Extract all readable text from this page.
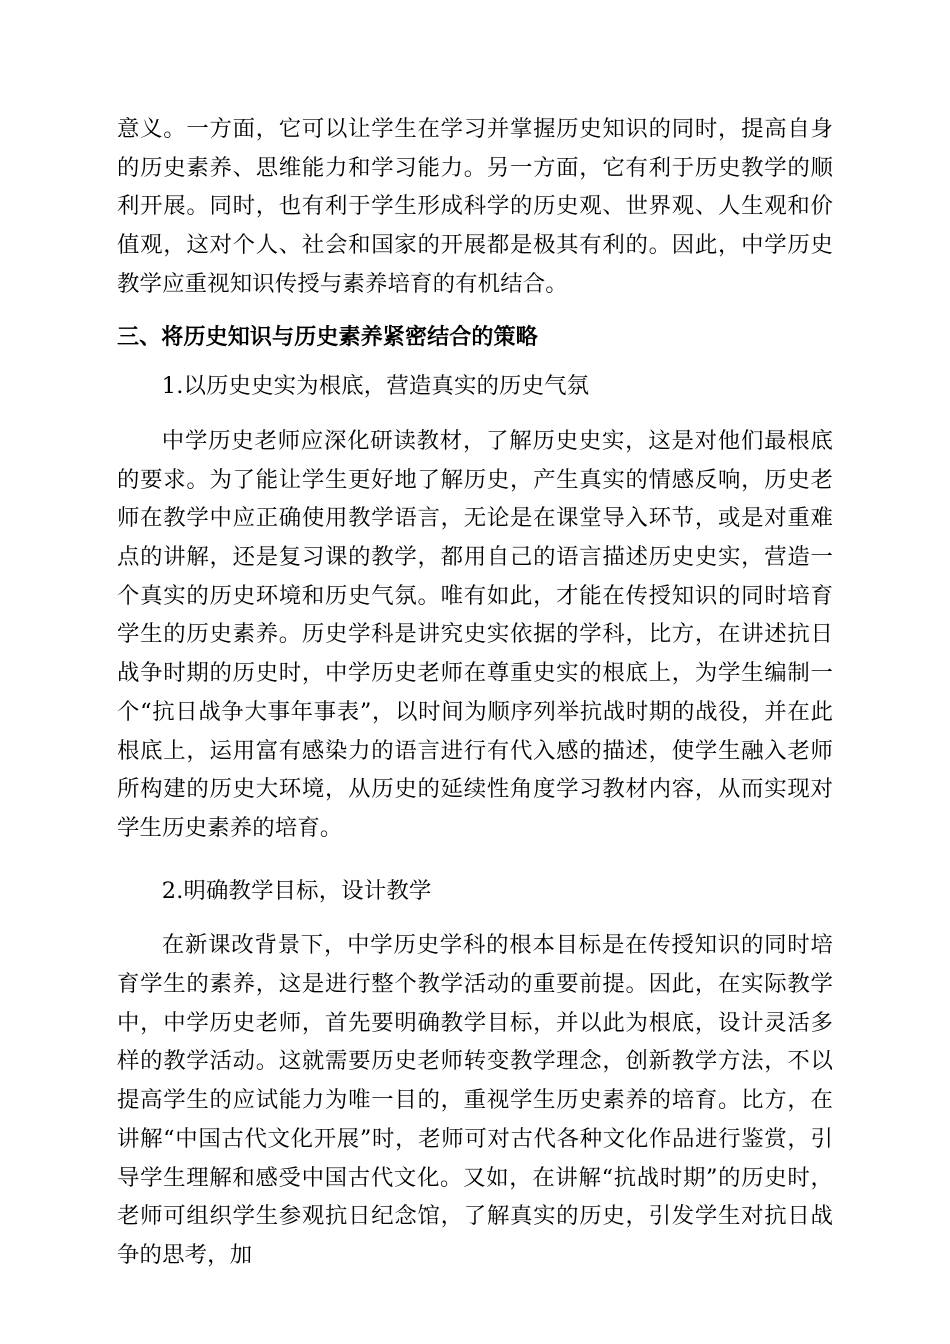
意义。一方面，它可以让学生在学习并掌握历史知识的同时，提高自身的历史素养、思维能力和学习能力。另一方面，它有利于历史教学的顺利开展。同时，也有利于学生形成科学的历史观、世界观、人生观和价值观，这对个人、社会和国家的开展都是极其有利的。因此，中学历史教学应重视知识传授与素养培育的有机结合。

三、将历史知识与历史素养紧密结合的策略

1.以历史史实为根底，营造真实的历史气氛

中学历史老师应深化研读教材，了解历史史实，这是对他们最根底的要求。为了能让学生更好地了解历史，产生真实的情感反响，历史老师在教学中应正确使用教学语言，无论是在课堂导入环节，或是对重难点的讲解，还是复习课的教学，都用自己的语言描述历史史实，营造一个真实的历史环境和历史气氛。唯有如此，才能在传授知识的同时培育学生的历史素养。历史学科是讲究史实依据的学科，比方，在讲述抗日战争时期的历史时，中学历史老师在尊重史实的根底上，为学生编制一个“抗日战争大事年事表”，以时间为顺序列举抗战时期的战役，并在此根底上，运用富有感染力的语言进行有代入感的描述，使学生融入老师所构建的历史大环境，从历史的延续性角度学习教材内容，从而实现对学生历史素养的培育。

2.明确教学目标，设计教学

在新课改背景下，中学历史学科的根本目标是在传授知识的同时培育学生的素养，这是进行整个教学活动的重要前提。因此，在实际教学中，中学历史老师，首先要明确教学目标，并以此为根底，设计灵活多样的教学活动。这就需要历史老师转变教学理念，创新教学方法，不以提高学生的应试能力为唯一目的，重视学生历史素养的培育。比方，在讲解“中国古代文化开展”时，老师可对古代各种文化作品进行鉴赏，引导学生理解和感受中国古代文化。又如，在讲解“抗战时期”的历史时，老师可组织学生参观抗日纪念馆，了解真实的历史，引发学生对抗日战争的思考，加
